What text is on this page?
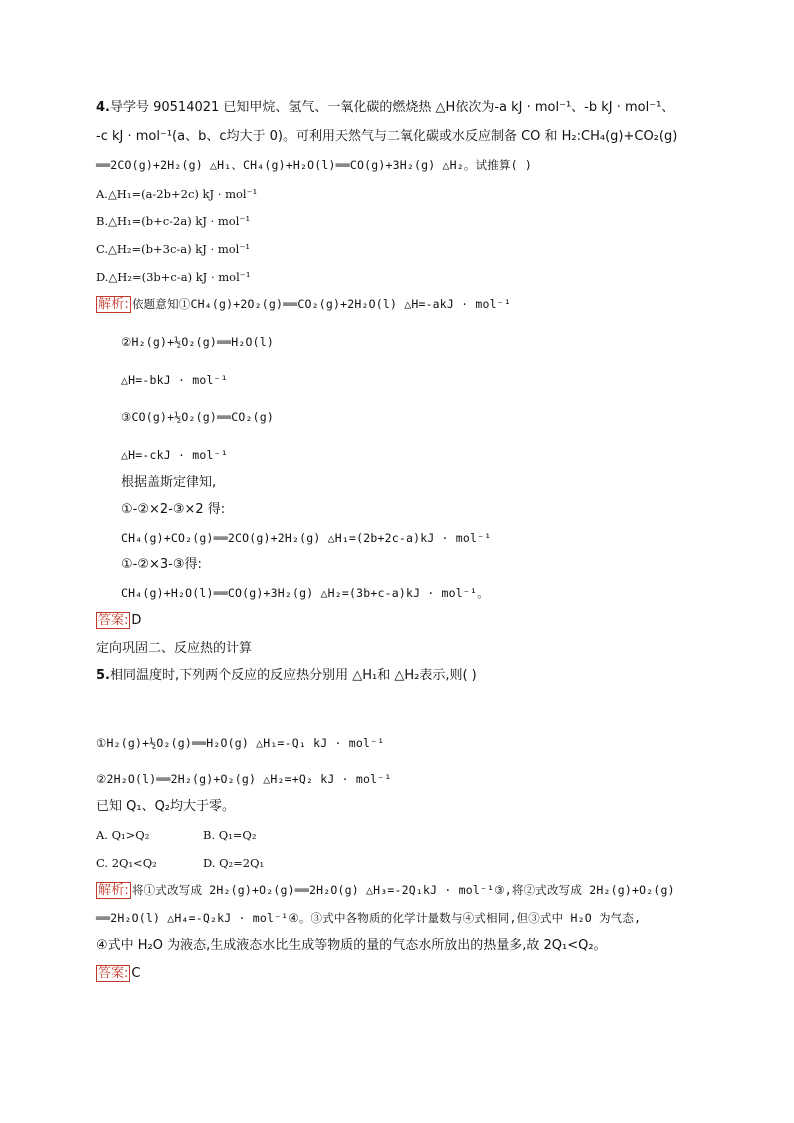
4.导学号 90514021 已知甲烷、氢气、一氧化碳的燃烧热 △H依次为-a kJ · mol⁻¹、-b kJ · mol⁻¹、
-c kJ · mol⁻¹(a、b、c均大于 0)。可利用天然气与二氧化碳或水反应制备 CO 和 H₂:CH₄(g)+CO₂(g)
══2CO(g)+2H₂(g) △H₁、CH₄(g)+H₂O(l)══CO(g)+3H₂(g) △H₂。试推算( )
A.△H₁=(a-2b+2c) kJ · mol⁻¹
B.△H₁=(b+c-2a) kJ · mol⁻¹
C.△H₂=(b+3c-a) kJ · mol⁻¹
D.△H₂=(3b+c-a) kJ · mol⁻¹
解析: 依题意知①CH₄(g)+2O₂(g)══CO₂(g)+2H₂O(l) △H=-akJ · mol⁻¹
②H₂(g)+½O₂(g)══H₂O(l)
△H=-bkJ · mol⁻¹
③CO(g)+½O₂(g)══CO₂(g)
△H=-ckJ · mol⁻¹
根据盖斯定律知,
①-②×2-③×2 得:
CH₄(g)+CO₂(g)══2CO(g)+2H₂(g) △H₁=(2b+2c-a)kJ · mol⁻¹
①-②×3-③得:
CH₄(g)+H₂O(l)══CO(g)+3H₂(g) △H₂=(3b+c-a)kJ · mol⁻¹。
答案: D
定向巩固二、反应热的计算
5.相同温度时,下列两个反应的反应热分别用 △H₁和 △H₂表示,则( )
①H₂(g)+½O₂(g)══H₂O(g) △H₁=-Q₁ kJ · mol⁻¹
②2H₂O(l)══2H₂(g)+O₂(g) △H₂=+Q₂ kJ · mol⁻¹
已知 Q₁、Q₂均大于零。
A. Q₁>Q₂	B. Q₁=Q₂
C. 2Q₁<Q₂	D. Q₂=2Q₁
解析: 将①式改写成 2H₂(g)+O₂(g)══2H₂O(g) △H₃=-2Q₁kJ · mol⁻¹③,将②式改写成 2H₂(g)+O₂(g)
══2H₂O(l) △H₄=-Q₂kJ · mol⁻¹④。③式中各物质的化学计量数与④式相同,但③式中 H₂O 为气态,
④式中 H₂O 为液态,生成液态水比生成等物质的量的气态水所放出的热量多,故 2Q₁<Q₂。
答案: C
